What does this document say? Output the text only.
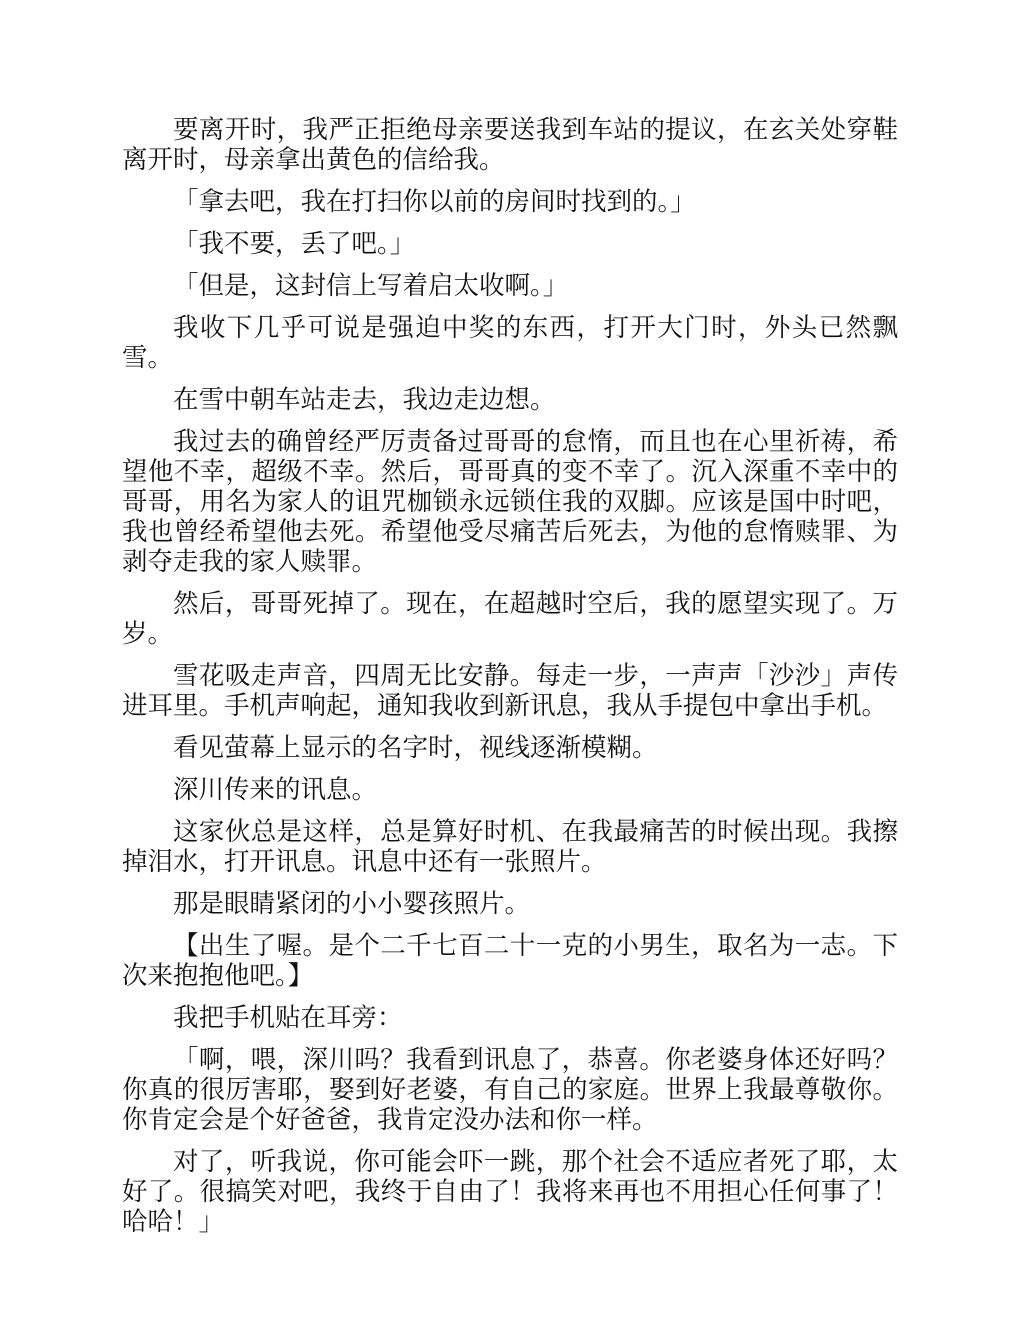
要离开时，我严正拒绝母亲要送我到车站的提议，在玄关处穿鞋离开时，母亲拿出黄色的信给我。

「拿去吧，我在打扫你以前的房间时找到的。」

「我不要，丢了吧。」

「但是，这封信上写着启太收啊。」

我收下几乎可说是强迫中奖的东西，打开大门时，外头已然飘雪。

在雪中朝车站走去，我边走边想。

我过去的确曾经严厉责备过哥哥的怠惰，而且也在心里祈祷，希望他不幸，超级不幸。然后，哥哥真的变不幸了。沉入深重不幸中的哥哥，用名为家人的诅咒枷锁永远锁住我的双脚。应该是国中时吧，我也曾经希望他去死。希望他受尽痛苦后死去，为他的怠惰赎罪、为剥夺走我的家人赎罪。

然后，哥哥死掉了。现在，在超越时空后，我的愿望实现了。万岁。

雪花吸走声音，四周无比安静。每走一步，一声声「沙沙」声传进耳里。手机声响起，通知我收到新讯息，我从手提包中拿出手机。

看见萤幕上显示的名字时，视线逐渐模糊。

深川传来的讯息。

这家伙总是这样，总是算好时机、在我最痛苦的时候出现。我擦掉泪水，打开讯息。讯息中还有一张照片。

那是眼睛紧闭的小小婴孩照片。

【出生了喔。是个二千七百二十一克的小男生，取名为一志。下次来抱抱他吧。】

我把手机贴在耳旁：

「啊，喂，深川吗？我看到讯息了，恭喜。你老婆身体还好吗？你真的很厉害耶，娶到好老婆，有自己的家庭。世界上我最尊敬你。你肯定会是个好爸爸，我肯定没办法和你一样。

对了，听我说，你可能会吓一跳，那个社会不适应者死了耶，太好了。很搞笑对吧，我终于自由了！我将来再也不用担心任何事了！哈哈！」
